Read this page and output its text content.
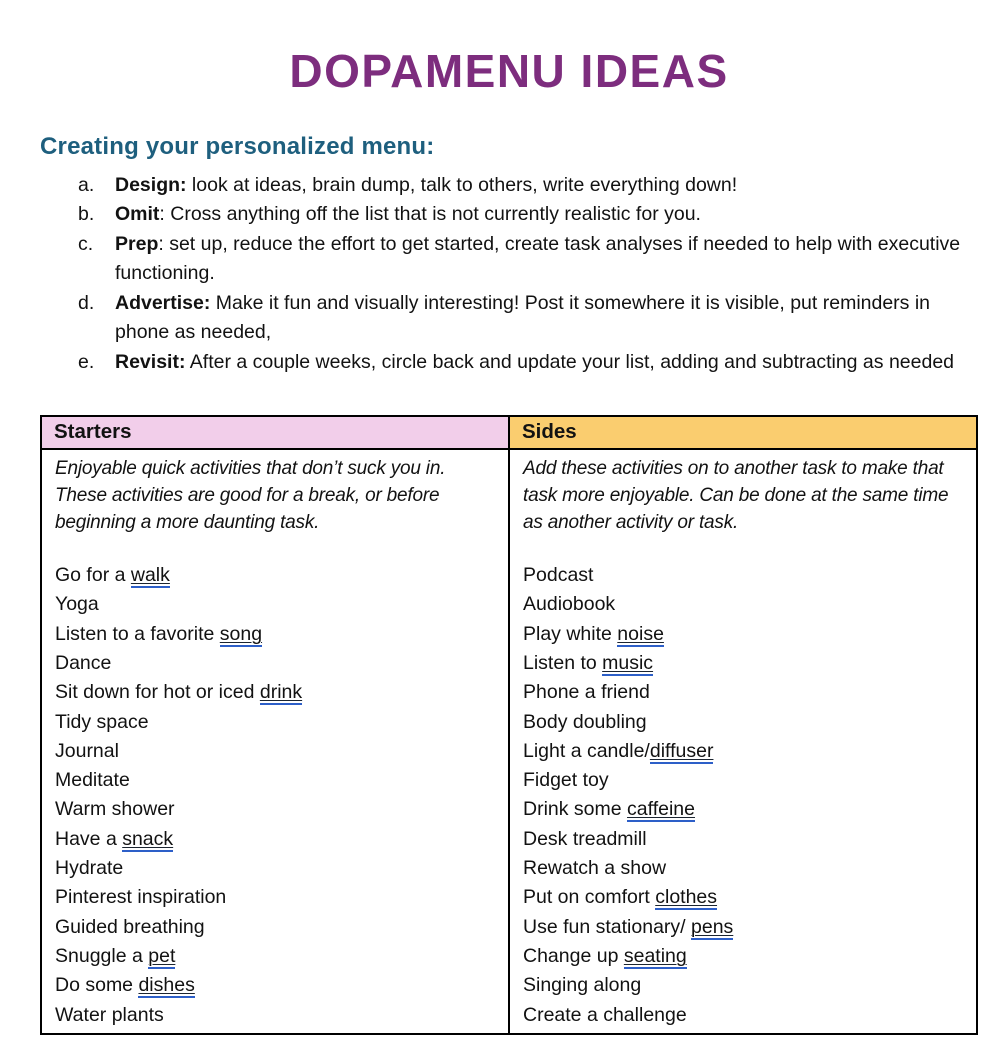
DOPAMENU IDEAS
Creating your personalized menu:
a. Design: look at ideas, brain dump, talk to others, write everything down!
b. Omit: Cross anything off the list that is not currently realistic for you.
c. Prep: set up, reduce the effort to get started, create task analyses if needed to help with executive functioning.
d. Advertise: Make it fun and visually interesting! Post it somewhere it is visible, put reminders in phone as needed,
e. Revisit: After a couple weeks, circle back and update your list, adding and subtracting as needed
Starters
Enjoyable quick activities that don’t suck you in. These activities are good for a break, or before beginning a more daunting task.
Go for a walk
Yoga
Listen to a favorite song
Dance
Sit down for hot or iced drink
Tidy space
Journal
Meditate
Warm shower
Have a snack
Hydrate
Pinterest inspiration
Guided breathing
Snuggle a pet
Do some dishes
Water plants
Sides
Add these activities on to another task to make that task more enjoyable. Can be done at the same time as another activity or task.
Podcast
Audiobook
Play white noise
Listen to music
Phone a friend
Body doubling
Light a candle/diffuser
Fidget toy
Drink some caffeine
Desk treadmill
Rewatch a show
Put on comfort clothes
Use fun stationary/ pens
Change up seating
Singing along
Create a challenge
